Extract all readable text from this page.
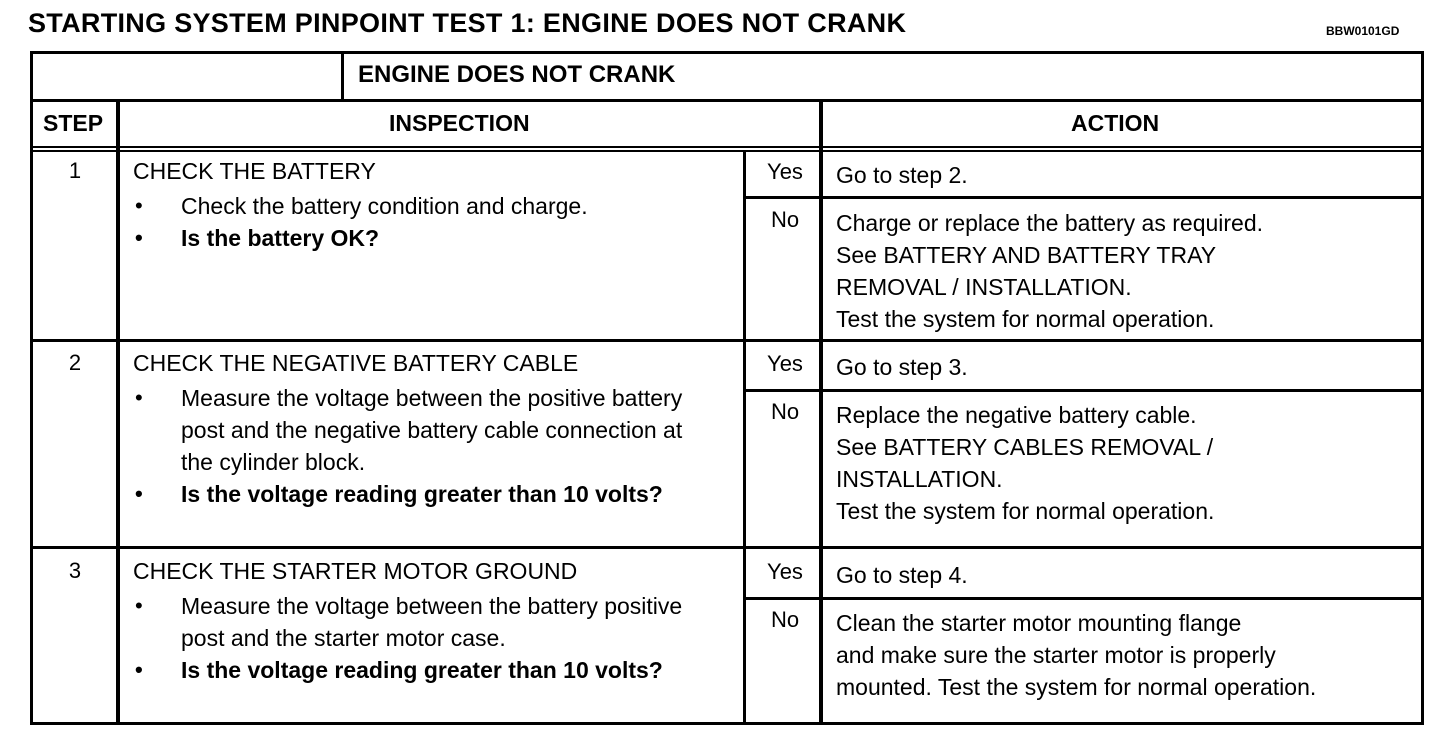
STARTING SYSTEM PINPOINT TEST 1: ENGINE DOES NOT CRANK	BBW0101GD
ENGINE DOES NOT CRANK
STEP	INSPECTION	ACTION
1	CHECK THE BATTERY
• Check the battery condition and charge.
• Is the battery OK?
Yes	Go to step 2.
No	Charge or replace the battery as required.
See BATTERY AND BATTERY TRAY
REMOVAL / INSTALLATION.
Test the system for normal operation.
2	CHECK THE NEGATIVE BATTERY CABLE
• Measure the voltage between the positive battery post and the negative battery cable connection at the cylinder block.
• Is the voltage reading greater than 10 volts?
Yes	Go to step 3.
No	Replace the negative battery cable.
See BATTERY CABLES REMOVAL /
INSTALLATION.
Test the system for normal operation.
3	CHECK THE STARTER MOTOR GROUND
• Measure the voltage between the battery positive post and the starter motor case.
• Is the voltage reading greater than 10 volts?
Yes	Go to step 4.
No	Clean the starter motor mounting flange
and make sure the starter motor is properly
mounted. Test the system for normal operation.
